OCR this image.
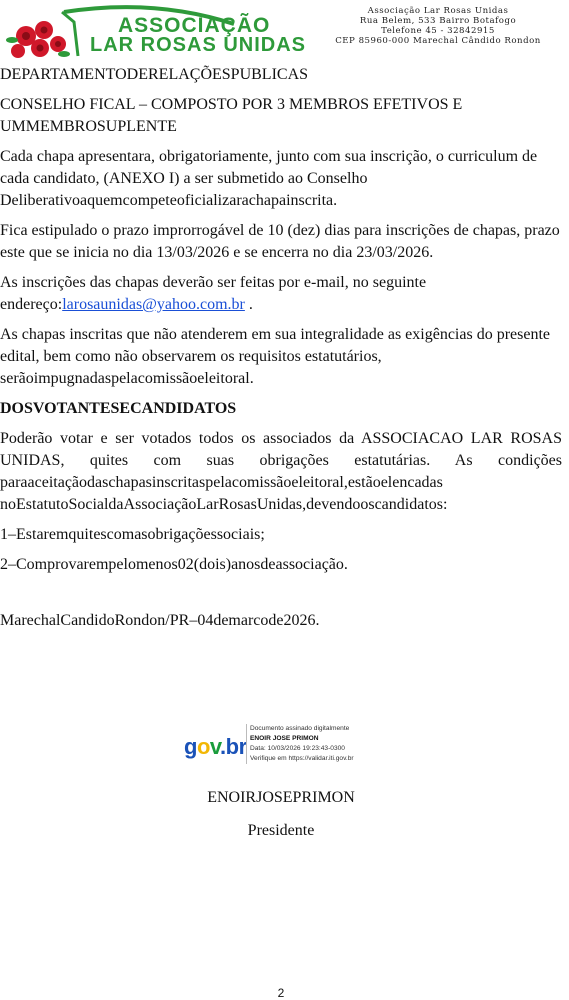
ASSOCIAÇÃO
LAR ROSAS UNIDAS
Associação Lar Rosas Unidas
Rua Belem, 533 Bairro Botafogo
Telefone 45 - 32842915
CEP 85960-000 Marechal Cândido Rondon

DEPARTAMENTODERELAÇÕESPUBLICAS

CONSELHO FICAL – COMPOSTO POR 3 MEMBROS EFETIVOS E UMMEMBROSUPLENTE

Cada chapa apresentara, obrigatoriamente, junto com sua inscrição, o curriculum de cada candidato, (ANEXO I) a ser submetido ao Conselho Deliberativoaquemcompeteoficializarachapainscrita.

Fica estipulado o prazo improrrogável de 10 (dez) dias para inscrições de chapas, prazo este que se inicia no dia 13/03/2026 e se encerra no dia 23/03/2026.

As inscrições das chapas deverão ser feitas por e-mail, no seguinte endereço:larosaunidas@yahoo.com.br .

As chapas inscritas que não atenderem em sua integralidade as exigências do presente edital, bem como não observarem os requisitos estatutários, serãoimpugnadaspelacomissãoeleitoral.

DOSVOTANTESECANDIDATOS

Poderão votar e ser votados todos os associados da ASSOCIACAO LAR ROSAS UNIDAS, quites com suas obrigações estatutárias. As condições paraaceitaçãodaschapasinscritaspelacomissãoeleitoral,estãoelencadas noEstatutoSocialdaAssociaçãoLarRosasUnidas,devendooscandidatos:

1–Estaremquitescomasobrigaçõessociais;

2–Comprovarempelomenos02(dois)anosdeassociação.

MarechalCandidoRondon/PR–04demarcode2026.

gov.br
Documento assinado digitalmente
ENOIR JOSE PRIMON
Data: 10/03/2026 19:23:43-0300
Verifique em https://validar.iti.gov.br
ENOIRJOSEPRIMON
Presidente
2
